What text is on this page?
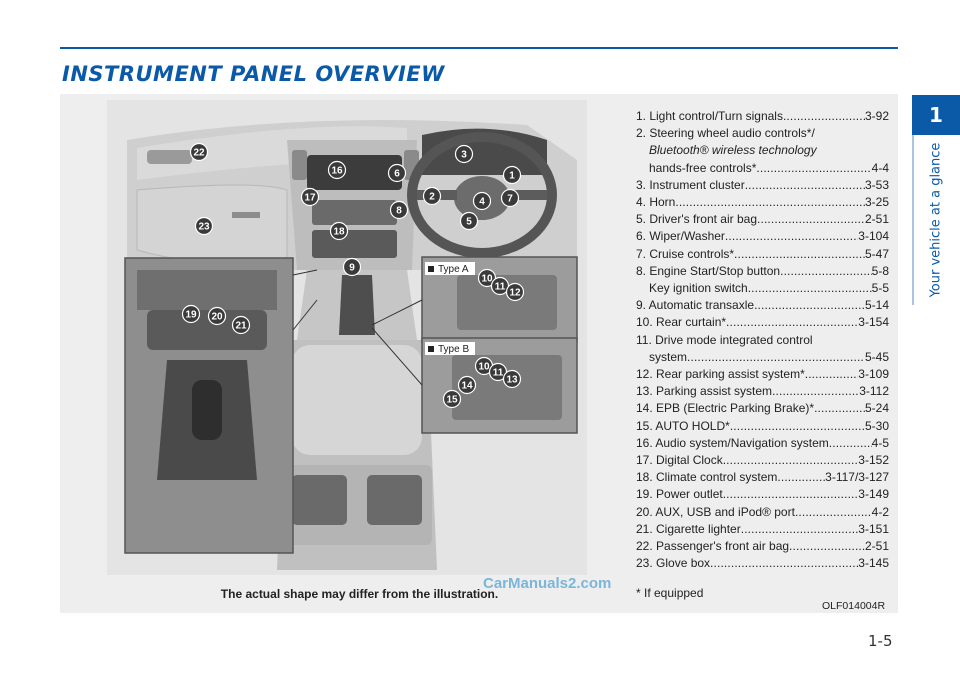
INSTRUMENT PANEL OVERVIEW
1
Your vehicle at a glance
Type A
Type B
1
2
3
4
5
6
7
8
9
16
17
18
19 20
21
22
23
10
11
12
10
11
13
14
15
The actual shape may differ from the illustration.
CarManuals2.com
1. Light control/Turn signals . . .	3-92
2. Steering wheel audio controls*/
Bluetooth® wireless technology
hands-free controls* . . .	4-4
3. Instrument cluster . . .	3-53
4. Horn . . .	3-25
5. Driver's front air bag . . .	2-51
6. Wiper/Washer . . .	3-104
7. Cruise controls* . . .	5-47
8. Engine Start/Stop button . . .	5-8
Key ignition switch . . .	5-5
9. Automatic transaxle . . .	5-14
10. Rear curtain* . . .	3-154
11. Drive mode integrated control
system . . .	5-45
12. Rear parking assist system* . . .	3-109
13. Parking assist system . . .	3-112
14. EPB (Electric Parking Brake)* . . .	5-24
15. AUTO HOLD* . . .	5-30
16. Audio system/Navigation system . . .	4-5
17. Digital Clock . . .	3-152
18. Climate control system . . .	3-117/3-127
19. Power outlet . . .	3-149
20. AUX, USB and iPod® port . . .	4-2
21. Cigarette lighter . . .	3-151
22. Passenger's front air bag . . .	2-51
23. Glove box . . .	3-145
* If equipped
OLF014004R
1-5
